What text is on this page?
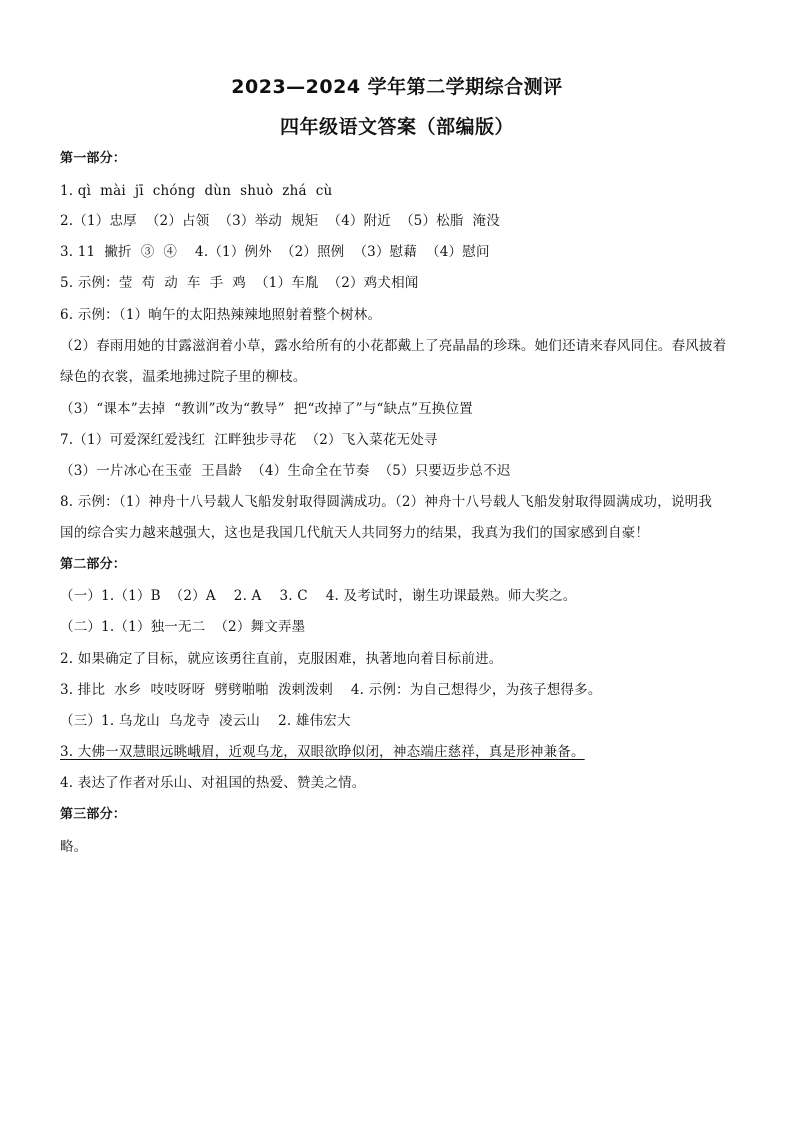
2023—2024 学年第二学期综合测评
四年级语文答案（部编版）
第一部分：
1. qì  mài  jī  chóng  dùn  shuò  zhá  cù
2.（1）忠厚  （2）占领  （3）举动  规矩  （4）附近  （5）松脂  淹没
3. 11  撇折  ③  ④    4.（1）例外  （2）照例  （3）慰藉  （4）慰问
5. 示例：莹  苟  动  车  手  鸡  （1）车胤  （2）鸡犬相闻
6. 示例：（1）晌午的太阳热辣辣地照射着整个树林。
（2）春雨用她的甘露滋润着小草，露水给所有的小花都戴上了亮晶晶的珍珠。她们还请来春风同住。春风披着
绿色的衣裳，温柔地拂过院子里的柳枝。
（3）“课本”去掉  “教训”改为“教导”  把“改掉了”与“缺点”互换位置
7.（1）可爱深红爱浅红  江畔独步寻花  （2）飞入菜花无处寻
（3）一片冰心在玉壶  王昌龄  （4）生命全在节奏  （5）只要迈步总不迟
8. 示例：（1）神舟十八号载人飞船发射取得圆满成功。（2）神舟十八号载人飞船发射取得圆满成功，说明我
国的综合实力越来越强大，这也是我国几代航天人共同努力的结果，我真为我们的国家感到自豪！
第二部分：
（一）1.（1）B  （2）A    2. A    3. C    4. 及考试时，谢生功课最熟。师大奖之。
（二）1.（1）独一无二  （2）舞文弄墨
2. 如果确定了目标，就应该勇往直前，克服困难，执著地向着目标前进。
3. 排比  水乡  吱吱呀呀  劈劈啪啪  泼剌泼剌    4. 示例：为自己想得少，为孩子想得多。
（三）1. 乌龙山  乌龙寺  凌云山    2. 雄伟宏大
3. 大佛一双慧眼远眺峨眉，近观乌龙，双眼欲睁似闭，神态端庄慈祥，真是形神兼备。
4. 表达了作者对乐山、对祖国的热爱、赞美之情。
第三部分：
略。
